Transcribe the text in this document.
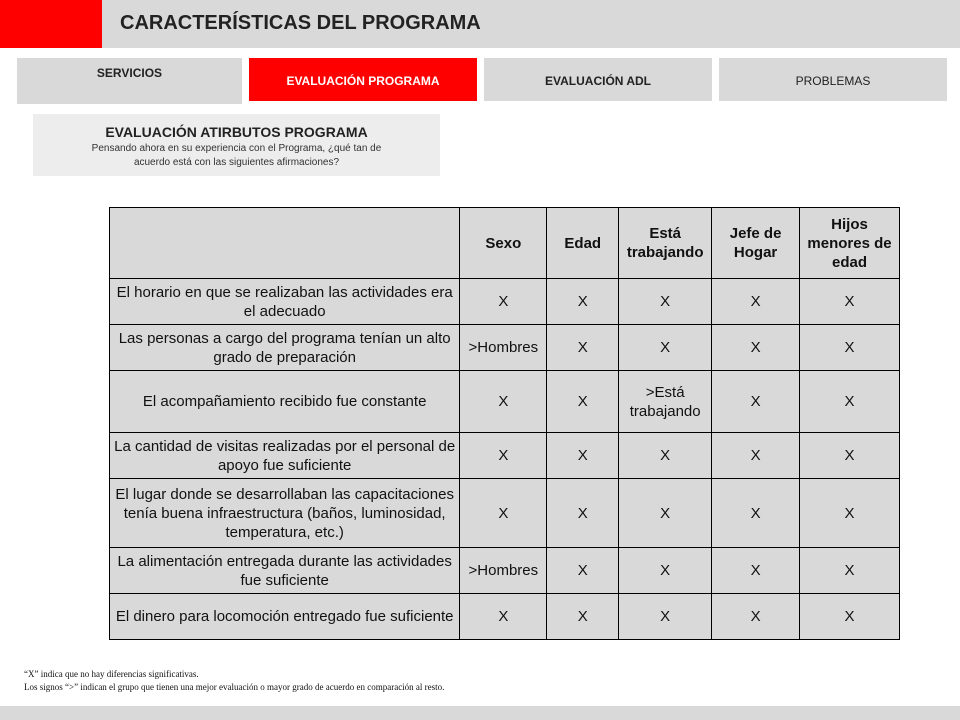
CARACTERÍSTICAS DEL PROGRAMA
SERVICIOS
EVALUACIÓN PROGRAMA	EVALUACIÓN ADL	PROBLEMAS
EVALUACIÓN ATIRBUTOS PROGRAMA
Pensando ahora en su experiencia con el Programa, ¿qué tan de acuerdo está con las siguientes afirmaciones?
	Sexo	Edad	Está trabajando	Jefe de Hogar	Hijos menores de edad
El horario en que se realizaban las actividades era el adecuado	X	X	X	X	X
Las personas a cargo del programa tenían un alto grado de preparación	>Hombres	X	X	X	X
El acompañamiento recibido fue constante	X	X	>Está trabajando	X	X
La cantidad de visitas realizadas por el personal de apoyo fue suficiente	X	X	X	X	X
El lugar donde se desarrollaban las capacitaciones tenía buena infraestructura (baños, luminosidad, temperatura, etc.)	X	X	X	X	X
La alimentación entregada durante las actividades fue suficiente	>Hombres	X	X	X	X
El dinero para locomoción entregado fue suficiente	X	X	X	X	X
“X” indica que no hay diferencias significativas.
Los signos “>” indican el grupo que tienen una mejor evaluación o mayor grado de acuerdo en comparación al resto.
